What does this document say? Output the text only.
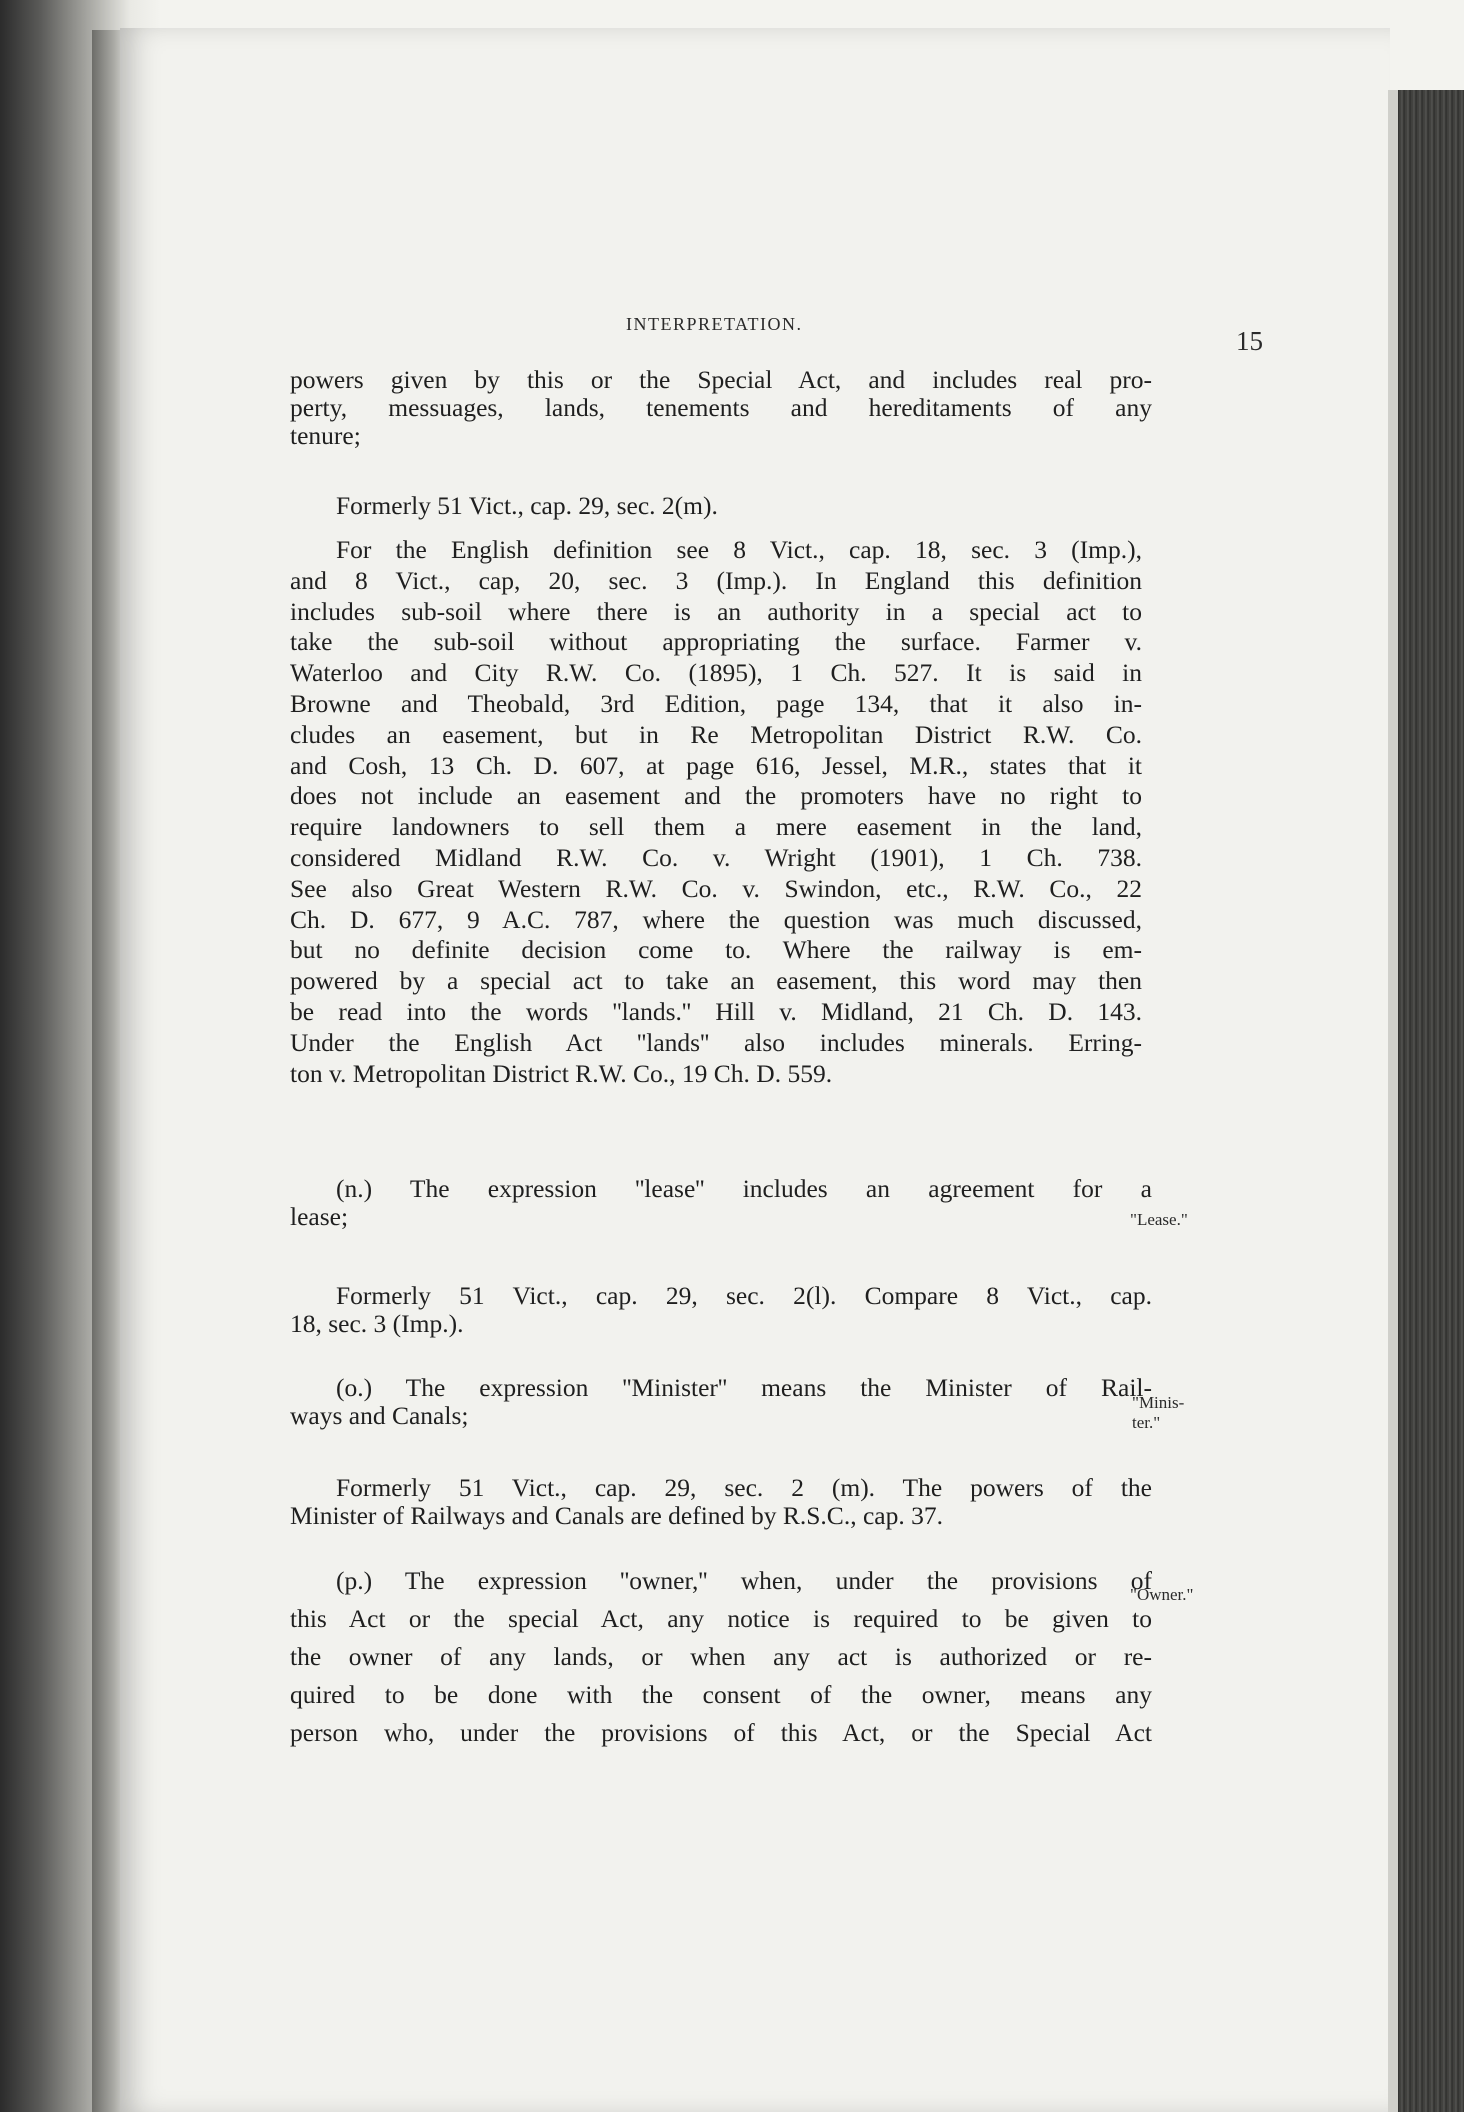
INTERPRETATION.
15
powers given by this or the Special Act, and includes real pro-
perty, messuages, lands, tenements and hereditaments of any
tenure;
Formerly 51 Vict., cap. 29, sec. 2(m).
For the English definition see 8 Vict., cap. 18, sec. 3 (Imp.),
and 8 Vict., cap, 20, sec. 3 (Imp.). In England this definition
includes sub-soil where there is an authority in a special act to
take the sub-soil without appropriating the surface. Farmer v.
Waterloo and City R.W. Co. (1895), 1 Ch. 527. It is said in
Browne and Theobald, 3rd Edition, page 134, that it also in-
cludes an easement, but in Re Metropolitan District R.W. Co.
and Cosh, 13 Ch. D. 607, at page 616, Jessel, M.R., states that it
does not include an easement and the promoters have no right to
require landowners to sell them a mere easement in the land,
considered Midland R.W. Co. v. Wright (1901), 1 Ch. 738.
See also Great Western R.W. Co. v. Swindon, etc., R.W. Co., 22
Ch. D. 677, 9 A.C. 787, where the question was much discussed,
but no definite decision come to. Where the railway is em-
powered by a special act to take an easement, this word may then
be read into the words ''lands.'' Hill v. Midland, 21 Ch. D. 143.
Under the English Act ''lands'' also includes minerals. Erring-
ton v. Metropolitan District R.W. Co., 19 Ch. D. 559.
(n.) The expression ''lease'' includes an agreement for a
lease;	"Lease."
Formerly 51 Vict., cap. 29, sec. 2(l). Compare 8 Vict., cap.
18, sec. 3 (Imp.).
(o.) The expression ''Minister'' means the Minister of Rail-
ways and Canals;	"Minis-
ter."
Formerly 51 Vict., cap. 29, sec. 2 (m). The powers of the
Minister of Railways and Canals are defined by R.S.C., cap. 37.
(p.) The expression ''owner,'' when, under the provisions of
this Act or the special Act, any notice is required to be given to
the owner of any lands, or when any act is authorized or re-
quired to be done with the consent of the owner, means any
person who, under the provisions of this Act, or the Special Act
"Owner."
